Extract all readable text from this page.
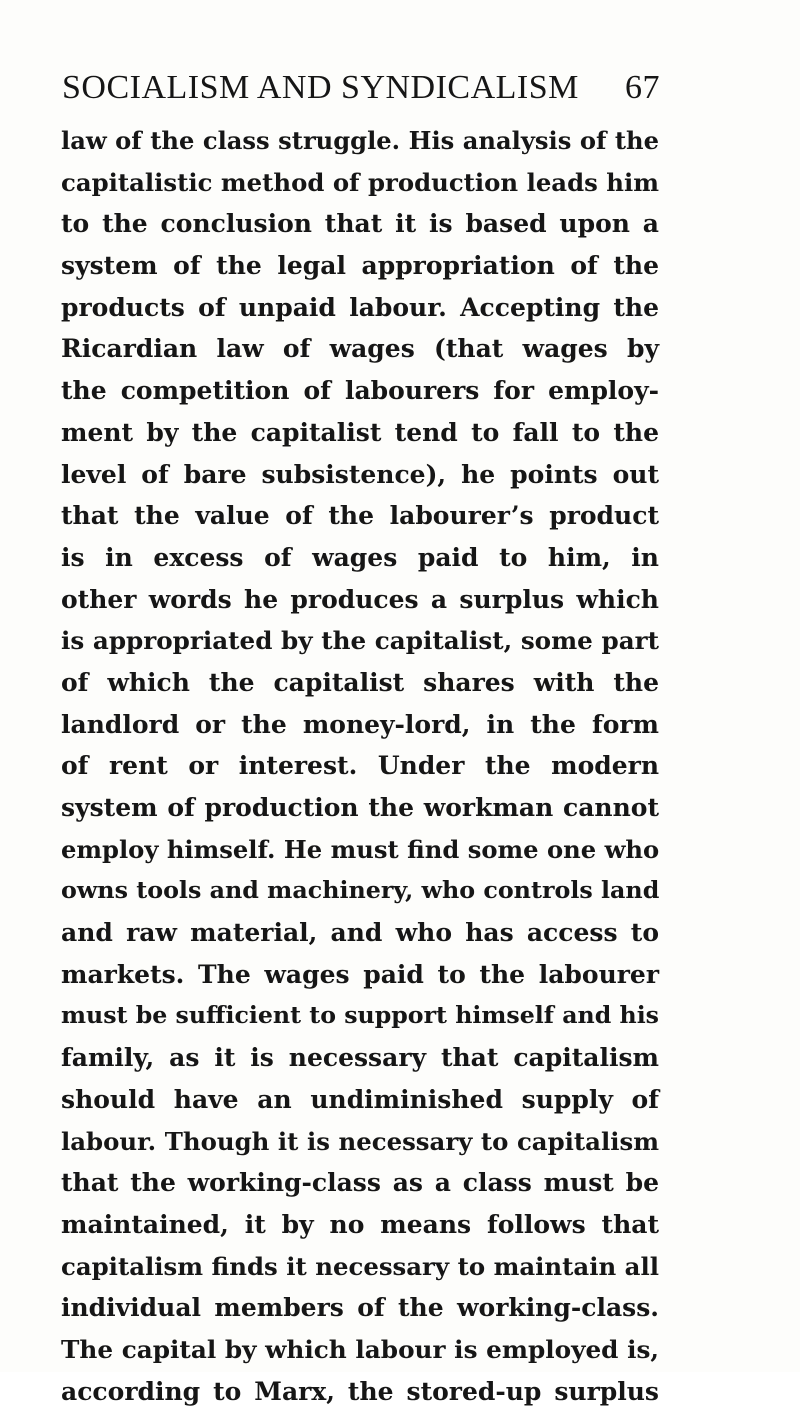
SOCIALISM AND SYNDICALISM 67
law of the class struggle. His analysis of the
capitalistic method of production leads him
to the conclusion that it is based upon a
system of the legal appropriation of the
products of unpaid labour. Accepting the
Ricardian law of wages (that wages by
the competition of labourers for employ-
ment by the capitalist tend to fall to the
level of bare subsistence), he points out
that the value of the labourer’s product
is in excess of wages paid to him, in
other words he produces a surplus which
is appropriated by the capitalist, some part
of which the capitalist shares with the
landlord or the money-lord, in the form
of rent or interest. Under the modern
system of production the workman cannot
employ himself. He must find some one who
owns tools and machinery, who controls land
and raw material, and who has access to
markets. The wages paid to the labourer
must be sufficient to support himself and his
family, as it is necessary that capitalism
should have an undiminished supply of
labour. Though it is necessary to capitalism
that the working-class as a class must be
maintained, it by no means follows that
capitalism finds it necessary to maintain all
individual members of the working-class.
The capital by which labour is employed is,
according to Marx, the stored-up surplus
